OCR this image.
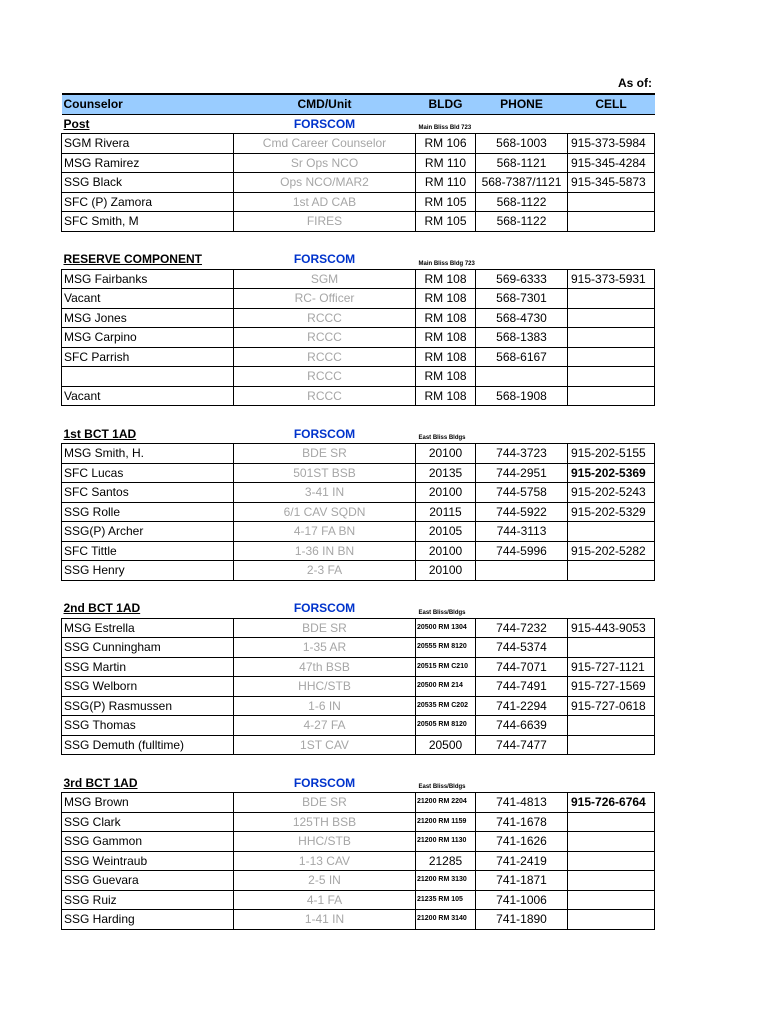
As of:
Counselor	CMD/Unit	BLDG	PHONE	CELL
Post	FORSCOM	Main Bliss Bld 723		
SGM Rivera	Cmd Career Counselor	RM 106	568-1003	915-373-5984
MSG Ramirez	Sr Ops NCO	RM 110	568-1121	915-345-4284
SSG Black	Ops NCO/MAR2	RM 110	568-7387/1121	915-345-5873
SFC (P) Zamora	1st AD CAB	RM 105	568-1122	
SFC Smith, M	FIRES	RM 105	568-1122	

RESERVE COMPONENT	FORSCOM	Main Bliss Bldg 723		
MSG Fairbanks	SGM	RM 108	569-6333	915-373-5931
Vacant	RC- Officer	RM 108	568-7301	
MSG Jones	RCCC	RM 108	568-4730	
MSG Carpino	RCCC	RM 108	568-1383	
SFC Parrish	RCCC	RM 108	568-6167	
	RCCC	RM 108		
Vacant	RCCC	RM 108	568-1908	

1st BCT 1AD	FORSCOM	East Bliss Bldgs		
MSG Smith, H.	BDE SR	20100	744-3723	915-202-5155
SFC Lucas	501ST BSB	20135	744-2951	915-202-5369
SFC Santos	3-41 IN	20100	744-5758	915-202-5243
SSG Rolle	6/1 CAV SQDN	20115	744-5922	915-202-5329
SSG(P) Archer	4-17 FA BN	20105	744-3113	
SFC Tittle	1-36 IN BN	20100	744-5996	915-202-5282
SSG Henry	2-3 FA	20100		

2nd BCT 1AD	FORSCOM	East Bliss/Bldgs		
MSG Estrella	BDE SR	20500 RM 1304	744-7232	915-443-9053
SSG Cunningham	1-35 AR	20555 RM 8120	744-5374	
SSG Martin	47th BSB	20515 RM C210	744-7071	915-727-1121
SSG Welborn	HHC/STB	20500 RM 214	744-7491	915-727-1569
SSG(P) Rasmussen	1-6 IN	20535 RM C202	741-2294	915-727-0618
SSG Thomas	4-27 FA	20505 RM 8120	744-6639	
SSG Demuth (fulltime)	1ST CAV	20500	744-7477	

3rd BCT 1AD	FORSCOM	East Bliss/Bldgs		
MSG Brown	BDE SR	21200 RM 2204	741-4813	915-726-6764
SSG Clark	125TH BSB	21200 RM 1159	741-1678	
SSG Gammon	HHC/STB	21200 RM 1130	741-1626	
SSG Weintraub	1-13 CAV	21285	741-2419	
SSG Guevara	2-5 IN	21200 RM 3130	741-1871	
SSG Ruiz	4-1 FA	21235 RM 105	741-1006	
SSG Harding	1-41 IN	21200 RM 3140	741-1890	
